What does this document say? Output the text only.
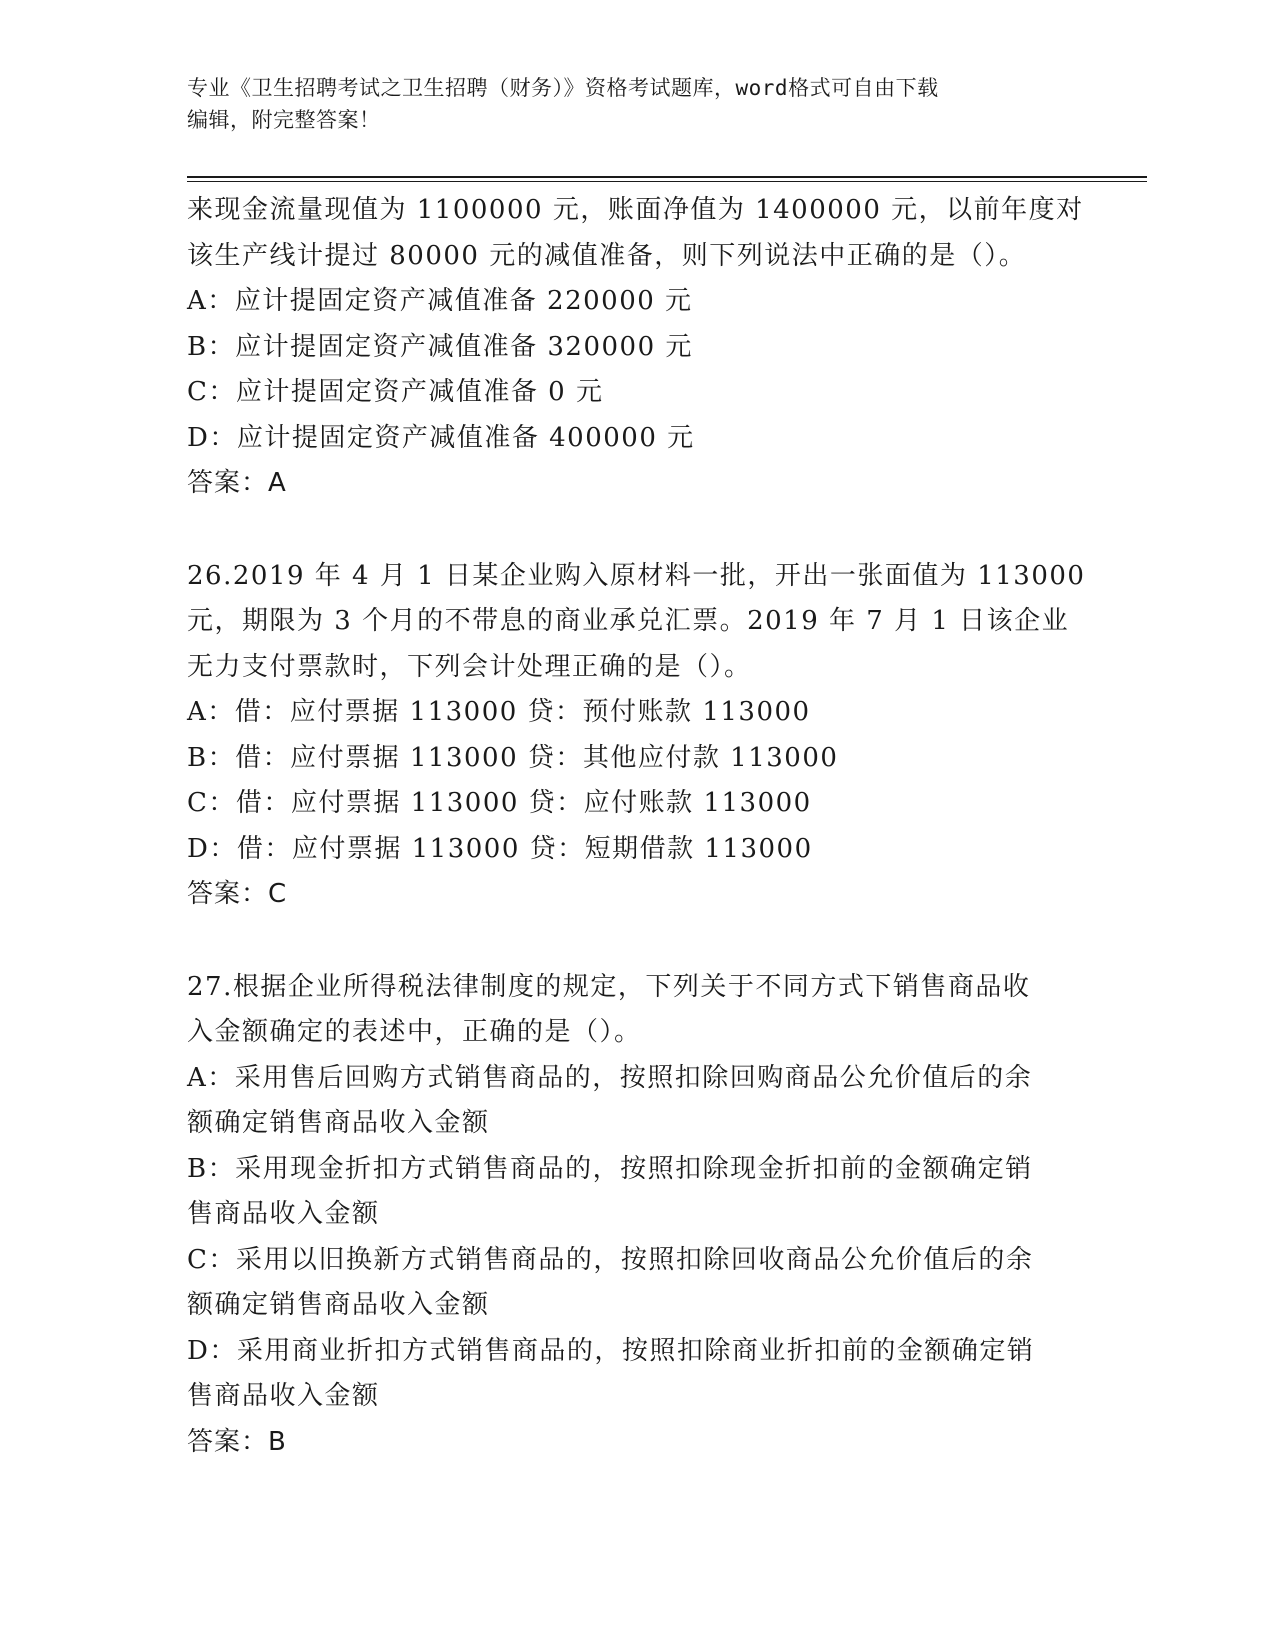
专业《卫生招聘考试之卫生招聘（财务）》资格考试题库，word格式可自由下载
编辑，附完整答案！
来现金流量现值为 1100000 元，账面净值为 1400000 元，以前年度对
该生产线计提过 80000 元的减值准备，则下列说法中正确的是（）。
A：应计提固定资产减值准备 220000 元
B：应计提固定资产减值准备 320000 元
C：应计提固定资产减值准备 0 元
D：应计提固定资产减值准备 400000 元
答案：A
26.2019 年 4 月 1 日某企业购入原材料一批，开出一张面值为 113000
元，期限为 3 个月的不带息的商业承兑汇票。2019 年 7 月 1 日该企业
无力支付票款时，下列会计处理正确的是（）。
A：借：应付票据 113000 贷：预付账款 113000
B：借：应付票据 113000 贷：其他应付款 113000
C：借：应付票据 113000 贷：应付账款 113000
D：借：应付票据 113000 贷：短期借款 113000
答案：C
27.根据企业所得税法律制度的规定，下列关于不同方式下销售商品收
入金额确定的表述中，正确的是（）。
A：采用售后回购方式销售商品的，按照扣除回购商品公允价值后的余
额确定销售商品收入金额
B：采用现金折扣方式销售商品的，按照扣除现金折扣前的金额确定销
售商品收入金额
C：采用以旧换新方式销售商品的，按照扣除回收商品公允价值后的余
额确定销售商品收入金额
D：采用商业折扣方式销售商品的，按照扣除商业折扣前的金额确定销
售商品收入金额
答案：B
